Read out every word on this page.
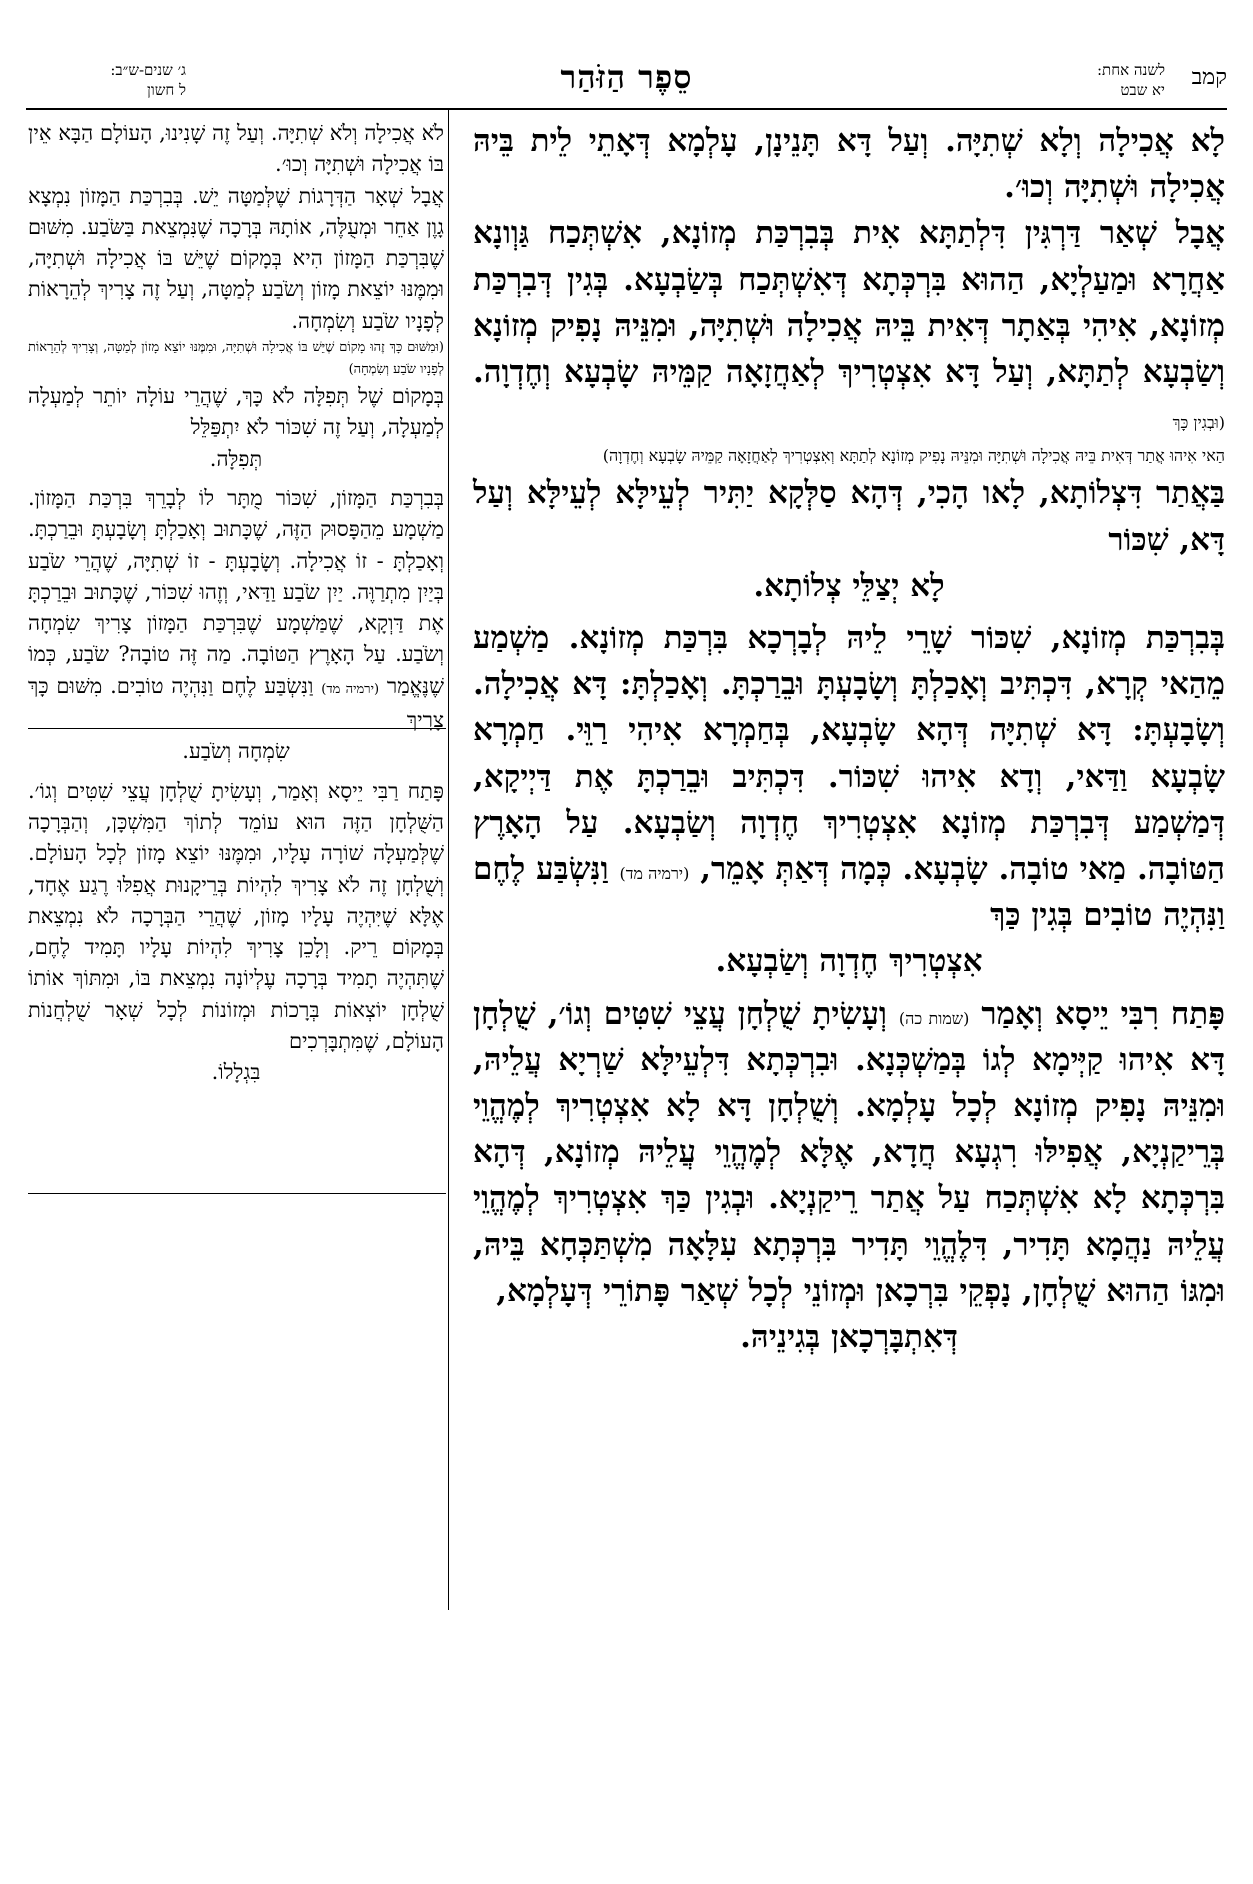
קמב
לשנה אחת:
יא שבט
סֵפֶר הַזֹּהַר
ג׳ שנים-ש״ב:
ל חשון

לָא אֲכִילָה וְלָא שְׁתִיָּה. וְעַל דָּא תָּנֵינָן, עָלְמָא דְּאָתֵי לֵית בֵּיהּ אֲכִילָה וּשְׁתִיָּה וְכוּ׳.

אֲבָל שְׁאַר דַּרְגִּין דִּלְתַתָּא אִית בְּבִרְכַּת מְזוֹנָא, אִשְׁתְּכַח גַּוְונָא אַחֲרָא וּמַעַלְיָא, הַהוּא בִּרְכְּתָא דְּאִשְׁתְּכַח בְּשַׂבְעָא. בְּגִין דְּבִרְכַּת מְזוֹנָא, אִיהִי בְּאַתָר דְּאִית בֵּיהּ אֲכִילָה וּשְׁתִיָּה, וּמִנֵּיהּ נָפִיק מְזוֹנָא וְשַׂבְעָא לְתַתָּא, וְעַל דָּא אִצְטְרִיךְ לְאַחֲזָאָה קַמֵּיהּ שָׂבְעָא וְחֶדְוָה. (וּבְגִין כָּךְ

הַאי אִיהוּ אֲתַר דְּאִית בֵּיהּ אֲכִילָה וּשְׁתִיָּה וּמִנֵּיהּ נָפִיק מְזוֹנָא לְתַתָּא וְאִצְטְרִיךְ לְאַחֲזָאָה קַמֵּיהּ שָׂבְעָא וְחֶדְוָה)

בַּאֲתַר דִּצְלוֹתָא, לָאו הָכִי, דְּהָא סַלְּקָא יַתִּיר לְעֵילָּא לְעֵילָּא וְעַל דָּא, שִׁכּוֹר

לָא יְצַלֵּי צְלוֹתָא.

בְּבִרְכַּת מְזוֹנָא, שִׁכּוֹר שָׁרֵי לֵיהּ לְבָרְכָא בִּרְכַּת מְזוֹנָא. מַשְׁמַע מֵהַאי קְרָא, דִּכְתִּיב וְאָכַלְתָּ וְשָׂבָעְתָּ וּבֵרַכְתָּ. וְאָכַלְתָּ: דָּא אֲכִילָה. וְשָׂבָעְתָּ: דָּא שְׁתִיָּה דְּהָא שָׂבְעָא, בְּחַמְרָא אִיהִי רַוֵּי. חַמְרָא שָׂבְעָא וַדַּאי, וְדָא אִיהוּ שִׁכּוֹר. דִּכְתִּיב וּבֵרַכְתָּ אֶת דַּיְיקָא, דְּמַשְׁמַע דְּבִרְכַּת מְזוֹנָא אִצְטְרִיךְ חֶדְוָה וְשַׂבְעָא. עַל הָאָרֶץ הַטּוֹבָה. מַאי טוֹבָה. שָׂבְעָא. כְּמָה דְּאַתְּ אָמֵר, (ירמיה מד) וַנִּשְׂבַּע לֶחֶם וַנִּהְיֶה טוֹבִים בְּגִין כַּךְ

אִצְטְרִיךְ חֶדְוָה וְשַׂבְעָא.

פָּתַח רִבִּי יֵיסָא וְאָמַר (שמות כה) וְעָשִׂיתָ שֻׁלְחָן עֲצֵי שִׁטִּים וְגוֹ׳, שֻׁלְחָן דָּא אִיהוּ קַיְּימָא לְגוֹ בְּמַשְׁכְּנָא. וּבִרְכְּתָא דִּלְעֵילָּא שַׁרְיָא עֲלֵיהּ, וּמִנֵּיהּ נָפִיק מְזוֹנָא לְכָל עָלְמָא. וְשֻׁלְחָן דָּא לָא אִצְטְרִיךְ לְמֶהֱוֵי בְּרֵיקַנְיָא, אֲפִילּוּ רִגְעָא חֲדָא, אֶלָּא לְמֶהֱוֵי עֲלֵיהּ מְזוֹנָא, דְּהָא בִּרְכְּתָא לָא אִשְׁתְּכַח עַל אֲתַר רֵיקַנְיָא. וּבְגִין כַּךְ אִצְטְרִיךְ לְמֶהֱוֵי עֲלֵיהּ נַהֲמָא תָּדִיר, דִּלֶהֱוֵי תָּדִיר בִּרְכְּתָא עִלָּאָה מִשְׁתַּכְּחָא בֵּיהּ, וּמִגּוֹ הַהוּא שֻׁלְחָן, נָפְקֵי בִּרְכָאן וּמְזוֹנֵי לְכָל שְׁאַר פָּתוֹרֵי דְּעָלְמָא,

דְּאִתְבָּרְכָאן בְּגִינֵיהּ.

לֹא אֲכִילָה וְלֹא שְׁתִיָּה. וְעַל זֶה שָׁנִינוּ, הָעוֹלָם הַבָּא אֵין בּוֹ אֲכִילָה וּשְׁתִיָּה וְכוּ׳.

אֲבָל שְׁאָר הַדְּרָגוֹת שֶׁלְּמַטָּה יֵשׁ. בְּבִרְכַּת הַמָּזוֹן נִמְצָא גָוֶן אַחֵר וּמְעֻלֶּה, אוֹתָהּ בְּרָכָה שֶׁנִּמְצֵאת בַּשֹּׂבַע. מִשּׁוּם שֶׁבִּרְכַּת הַמָּזוֹן הִיא בְּמָקוֹם שֶׁיֵּשׁ בּוֹ אֲכִילָה וּשְׁתִיָּה, וּמִמֶּנּוּ יוֹצֵאת מָזוֹן וְשֹׂבַע לְמַטָּה, וְעַל זֶה צָרִיךְ לְהֵרָאוֹת לְפָנָיו שֹׂבַע וְשִׂמְחָה.

(וּמִשּׁוּם כָּךְ זֶהוּ מָקוֹם שֶׁיֵּשׁ בּוֹ אֲכִילָה וּשְׁתִיָּה, וּמִמֶּנּוּ יוֹצֵא מָזוֹן לְמַטָּה, וְצָרִיךְ לְהֵרָאוֹת לְפָנָיו שֹׂבַע וְשִׂמְחָה)

בְּמָקוֹם שֶׁל תְּפִלָּה לֹא כָּךְ, שֶׁהֲרֵי עוֹלָה יוֹתֵר לְמַעְלָה לְמַעְלָה, וְעַל זֶה שִׁכּוֹר לֹא יִתְפַּלֵּל

תְּפִלָּה.

בְּבִרְכַּת הַמָּזוֹן, שִׁכּוֹר מֻתָּר לוֹ לְבָרֵךְ בִּרְכַּת הַמָּזוֹן. מַשְׁמָע מֵהַפָּסוּק הַזֶּה, שֶׁכָּתוּב וְאָכַלְתָּ וְשָׂבָעְתָּ וּבֵרַכְתָּ. וְאָכַלְתָּ - זוֹ אֲכִילָה. וְשָׂבָעְתָּ - זוֹ שְׁתִיָּה, שֶׁהֲרֵי שֹׂבַע בְּיַיִן מִתְרַוֶּה. יַיִן שֹׂבַע וַדַּאי, וְזֶהוּ שִׁכּוֹר, שֶׁכָּתוּב וּבֵרַכְתָּ אֶת דַּוְקָא, שֶׁמַּשְׁמָע שֶׁבִּרְכַּת הַמָּזוֹן צָרִיךְ שִׂמְחָה וְשֹׂבַע. עַל הָאָרֶץ הַטּוֹבָה. מַה זֶּה טוֹבָה? שֹׂבַע, כְּמוֹ שֶׁנֶּאֱמַר (ירמיה מד) וַנִּשְׂבַּע לֶחֶם וַנִּהְיֶה טוֹבִים. מִשּׁוּם כָּךְ צָרִיךְ

שִׂמְחָה וְשֹׂבַע.

פָּתַח רַבִּי יֵיסָא וְאָמַר, וְעָשִׂיתָ שֻׁלְחָן עֲצֵי שִׁטִּים וְגוֹ׳. הַשֻּׁלְחָן הַזֶּה הוּא עוֹמֵד לְתוֹךְ הַמִּשְׁכָּן, וְהַבְּרָכָה שֶׁלְּמַעְלָה שׁוֹרָה עָלָיו, וּמִמֶּנּוּ יוֹצֵא מָזוֹן לְכָל הָעוֹלָם. וְשֻׁלְחָן זֶה לֹא צָרִיךְ לִהְיוֹת בְּרֵיקָנוּת אֲפִלּוּ רֶגַע אֶחָד, אֶלָּא שֶׁיִּהְיֶה עָלָיו מָזוֹן, שֶׁהֲרֵי הַבְּרָכָה לֹא נִמְצֵאת בְּמָקוֹם רֵיק. וְלָכֵן צָרִיךְ לִהְיוֹת עָלָיו תָּמִיד לֶחֶם, שֶׁתִּהְיֶה תָמִיד בְּרָכָה עֶלְיוֹנָה נִמְצֵאת בּוֹ, וּמִתּוֹךְ אוֹתוֹ שֻׁלְחָן יוֹצְאוֹת בְּרָכוֹת וּמְזוֹנוֹת לְכָל שְׁאָר שֻׁלְחֲנוֹת הָעוֹלָם, שֶׁמִּתְבָּרְכִים

בִּגְלָלוֹ.
